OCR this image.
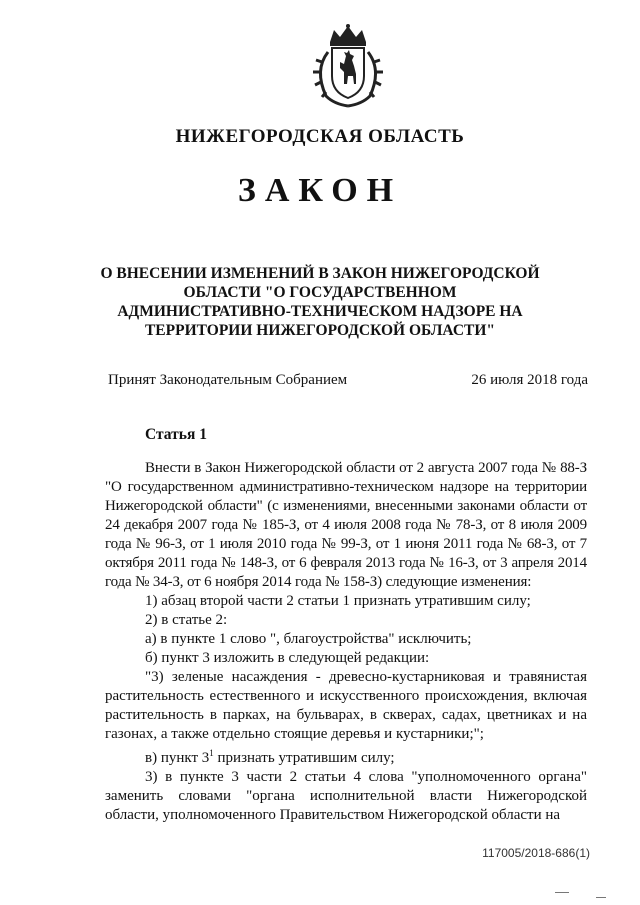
НИЖЕГОРОДСКАЯ ОБЛАСТЬ
ЗАКОН
О ВНЕСЕНИИ ИЗМЕНЕНИЙ В ЗАКОН НИЖЕГОРОДСКОЙ ОБЛАСТИ "О ГОСУДАРСТВЕННОМ АДМИНИСТРАТИВНО-ТЕХНИЧЕСКОМ НАДЗОРЕ НА ТЕРРИТОРИИ НИЖЕГОРОДСКОЙ ОБЛАСТИ"
Принят Законодательным Собранием	26 июля 2018 года
Статья 1

Внести в Закон Нижегородской области от 2 августа 2007 года № 88-З "О государственном административно-техническом надзоре на территории Нижегородской области" (с изменениями, внесенными законами области от 24 декабря 2007 года № 185-З, от 4 июля 2008 года № 78-З, от 8 июля 2009 года № 96-З, от 1 июля 2010 года № 99-З, от 1 июня 2011 года № 68-З, от 7 октября 2011 года № 148-З, от 6 февраля 2013 года № 16-З, от 3 апреля 2014 года № 34-З, от 6 ноября 2014 года № 158-З) следующие изменения:

1) абзац второй части 2 статьи 1 признать утратившим силу;

2) в статье 2:

а) в пункте 1 слово ", благоустройства" исключить;

б) пункт 3 изложить в следующей редакции:

"3) зеленые насаждения - древесно-кустарниковая и травянистая растительность естественного и искусственного происхождения, включая растительность в парках, на бульварах, в скверах, садах, цветниках и на газонах, а также отдельно стоящие деревья и кустарники;";

в) пункт $3^1$ признать утратившим силу;

3) в пункте 3 части 2 статьи 4 слова "уполномоченного органа" заменить словами "органа исполнительной власти Нижегородской области, уполномоченного Правительством Нижегородской области на

117005/2018-686(1)
